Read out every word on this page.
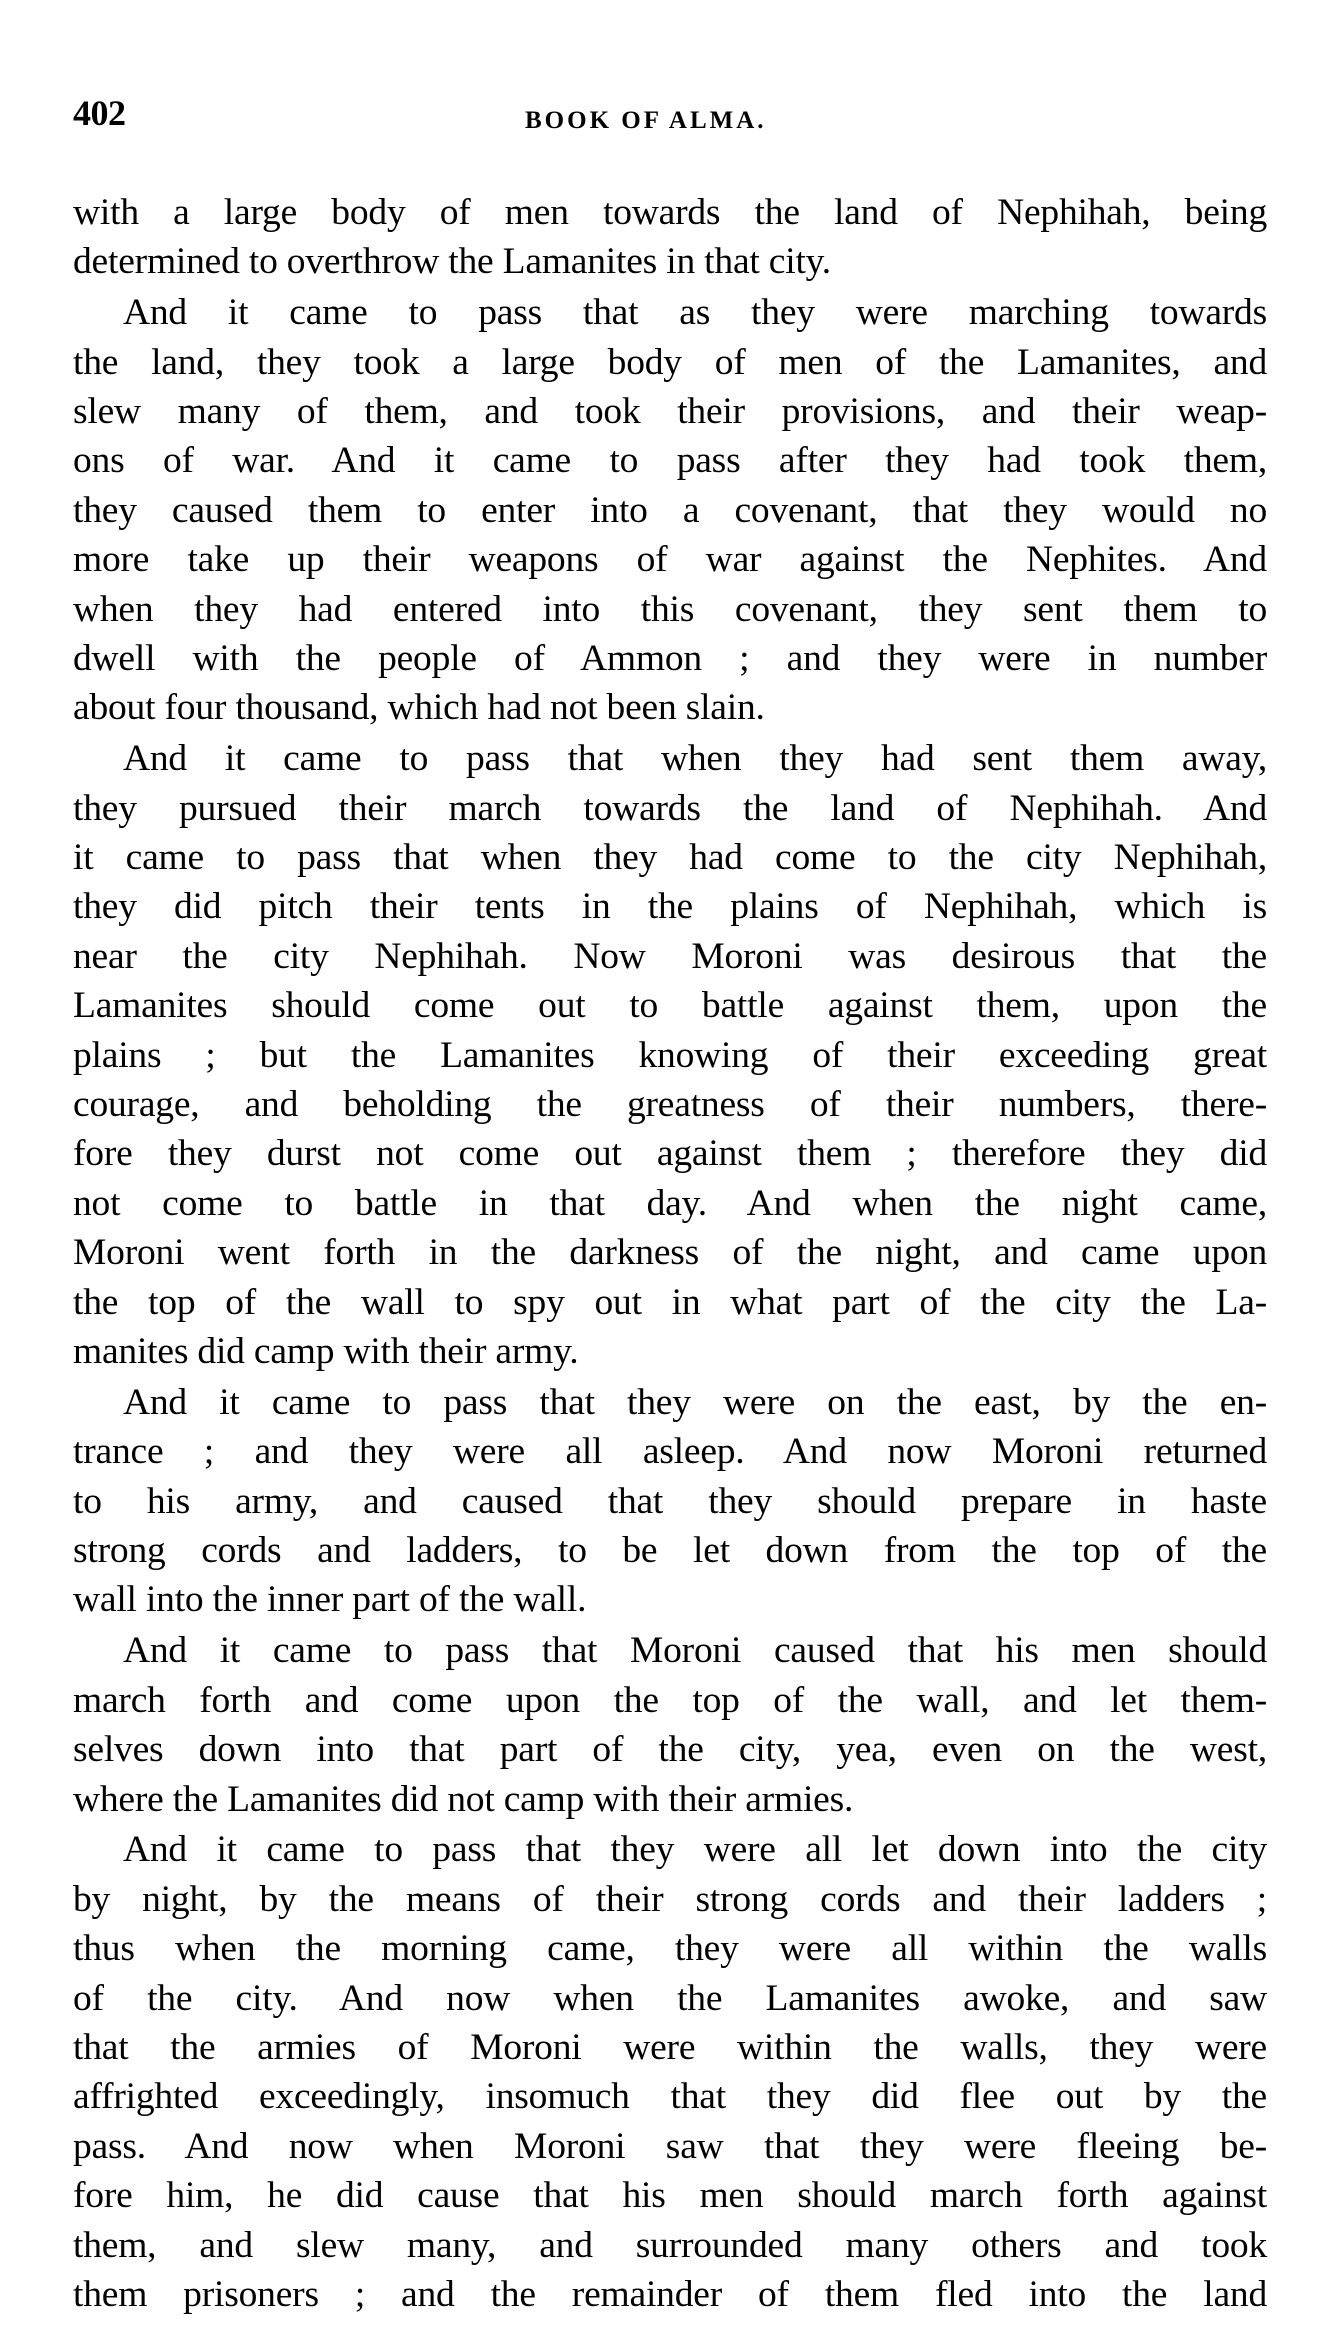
402	BOOK OF ALMA.

with a large body of men towards the land of Nephihah, being
determined to overthrow the Lamanites in that city.

And it came to pass that as they were marching towards
the land, they took a large body of men of the Lamanites, and
slew many of them, and took their provisions, and their weap-
ons of war. And it came to pass after they had took them,
they caused them to enter into a covenant, that they would no
more take up their weapons of war against the Nephites. And
when they had entered into this covenant, they sent them to
dwell with the people of Ammon ; and they were in number
about four thousand, which had not been slain.

And it came to pass that when they had sent them away,
they pursued their march towards the land of Nephihah. And
it came to pass that when they had come to the city Nephihah,
they did pitch their tents in the plains of Nephihah, which is
near the city Nephihah. Now Moroni was desirous that the
Lamanites should come out to battle against them, upon the
plains ; but the Lamanites knowing of their exceeding great
courage, and beholding the greatness of their numbers, there-
fore they durst not come out against them ; therefore they did
not come to battle in that day. And when the night came,
Moroni went forth in the darkness of the night, and came upon
the top of the wall to spy out in what part of the city the La-
manites did camp with their army.

And it came to pass that they were on the east, by the en-
trance ; and they were all asleep. And now Moroni returned
to his army, and caused that they should prepare in haste
strong cords and ladders, to be let down from the top of the
wall into the inner part of the wall.

And it came to pass that Moroni caused that his men should
march forth and come upon the top of the wall, and let them-
selves down into that part of the city, yea, even on the west,
where the Lamanites did not camp with their armies.

And it came to pass that they were all let down into the city
by night, by the means of their strong cords and their ladders ;
thus when the morning came, they were all within the walls
of the city. And now when the Lamanites awoke, and saw
that the armies of Moroni were within the walls, they were
affrighted exceedingly, insomuch that they did flee out by the
pass. And now when Moroni saw that they were fleeing be-
fore him, he did cause that his men should march forth against
them, and slew many, and surrounded many others and took
them prisoners ; and the remainder of them fled into the land
